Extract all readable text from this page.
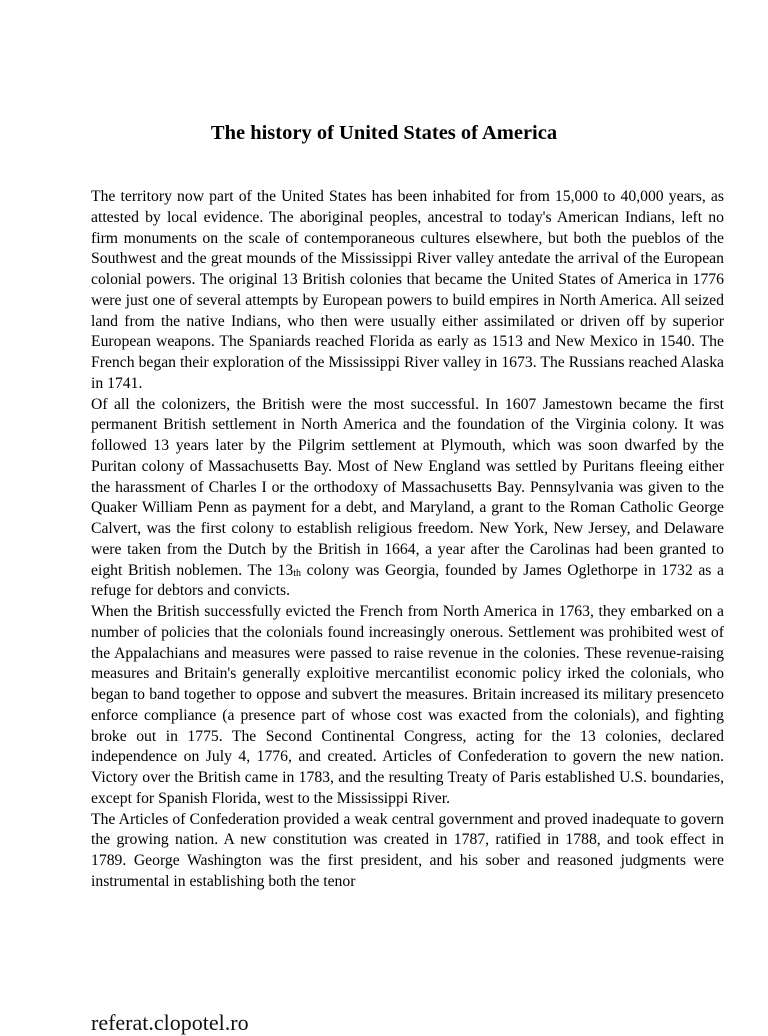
The history of United States of America

The territory now part of the United States has been inhabited for from 15,000 to 40,000 years, as attested by local evidence. The aboriginal peoples, ancestral to today's American Indians, left no firm monuments on the scale of contemporaneous cultures elsewhere, but both the pueblos of the Southwest and the great mounds of the Mississippi River valley antedate the arrival of the European colonial powers. The original 13 British colonies that became the United States of America in 1776 were just one of several attempts by European powers to build empires in North America. All seized land from the native Indians, who then were usually either assimilated or driven off by superior European weapons. The Spaniards reached Florida as early as 1513 and New Mexico in 1540. The French began their exploration of the Mississippi River valley in 1673. The Russians reached Alaska in 1741.

Of all the colonizers, the British were the most successful. In 1607 Jamestown became the first permanent British settlement in North America and the foundation of the Virginia colony. It was followed 13 years later by the Pilgrim settlement at Plymouth, which was soon dwarfed by the Puritan colony of Massachusetts Bay. Most of New England was settled by Puritans fleeing either the harassment of Charles I or the orthodoxy of Massachusetts Bay. Pennsylvania was given to the Quaker William Penn as payment for a debt, and Maryland, a grant to the Roman Catholic George Calvert, was the first colony to establish religious freedom. New York, New Jersey, and Delaware were taken from the Dutch by the British in 1664, a year after the Carolinas had been granted to eight British noblemen. The $13_{th}$ colony was Georgia, founded by James Oglethorpe in 1732 as a refuge for debtors and convicts.

When the British successfully evicted the French from North America in 1763, they embarked on a number of policies that the colonials found increasingly onerous. Settlement was prohibited west of the Appalachians and measures were passed to raise revenue in the colonies. These revenue-raising measures and Britain's generally exploitive mercantilist economic policy irked the colonials, who began to band together to oppose and subvert the measures. Britain increased its military presenceto enforce compliance (a presence part of whose cost was exacted from the colonials), and fighting broke out in 1775. The Second Continental Congress, acting for the 13 colonies, declared independence on July 4, 1776, and created. Articles of Confederation to govern the new nation. Victory over the British came in 1783, and the resulting Treaty of Paris established U.S. boundaries, except for Spanish Florida, west to the Mississippi River.

The Articles of Confederation provided a weak central government and proved inadequate to govern the growing nation. A new constitution was created in 1787, ratified in 1788, and took effect in 1789. George Washington was the first president, and his sober and reasoned judgments were instrumental in establishing both the tenor

referat.clopotel.ro
